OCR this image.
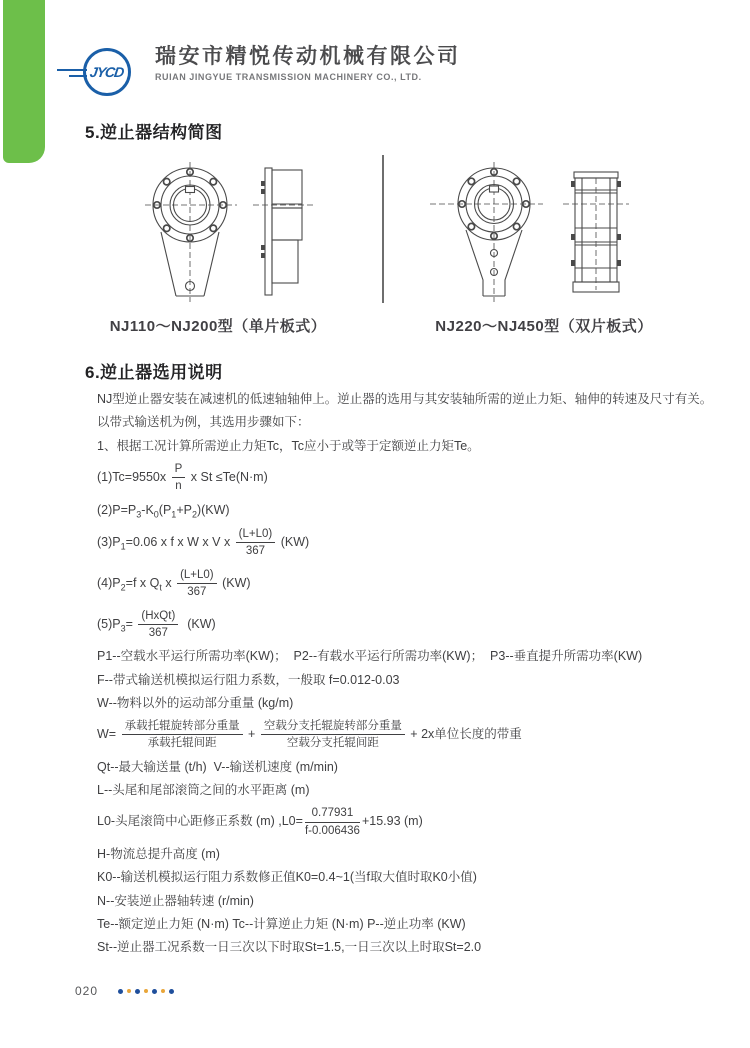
JYCD
瑞安市精悦传动机械有限公司
RUIAN JINGYUE TRANSMISSION MACHINERY CO., LTD.
5.逆止器结构简图
NJ110～NJ200型（单片板式）	NJ220～NJ450型（双片板式）
6.逆止器选用说明
NJ型逆止器安装在减速机的低速轴轴伸上。逆止器的选用与其安装轴所需的逆止力矩、轴伸的转速及尺寸有关。
以带式输送机为例，其选用步骤如下：
1、根据工况计算所需逆止力矩Tc，Tc应小于或等于定额逆止力矩Te。
$(1)Tc=9550x \frac{P}{n}$ x St ≤Te(N·m)
$(2)P=P_3-K_0(P_1+P_2)(KW)$
$(3)P_1=0.06$ x f x W x V x $\frac{(L+L0)}{367} (KW)$
$(4)P_2=f$ x $Q_t$ x $\frac{(L+L0)}{367} (KW)$
$(5)P_3= \frac{\text{(HxQt)}}{367} (KW)$
P1--空载水平运行所需功率(KW)；  P2--有载水平运行所需功率(KW)；  P3--垂直提升所需功率(KW)
F--带式输送机模拟运行阻力系数，一般取 f=0.012-0.03
W--物料以外的运动部分重量 (kg/m)
$W= \frac{\text{承载托辊旋转部分重量}}{\text{承载托辊间距}} + \frac{\text{空载分支托辊旋转部分重量}}{\text{空载分支托辊间距}} + 2x$单位长度的带重
Qt--最大输送量 (t/h)  V--输送机速度 (m/min)
L--头尾和尾部滚筒之间的水平距离 (m)
L0-头尾滚筒中心距修正系数 (m) $,L0= \frac{0.77931}{f-0.006436} +15.93$ (m)
H-物流总提升高度 (m)
K0--输送机模拟运行阻力系数修正值K0=0.4~1(当f取大值时取K0小值)
N--安装逆止器轴转速 (r/min)
Te--额定逆止力矩 (N·m) Tc--计算逆止力矩 (N·m) P--逆止功率 (KW)
St--逆止器工况系数一日三次以下时取St=1.5,一日三次以上时取St=2.0
020
